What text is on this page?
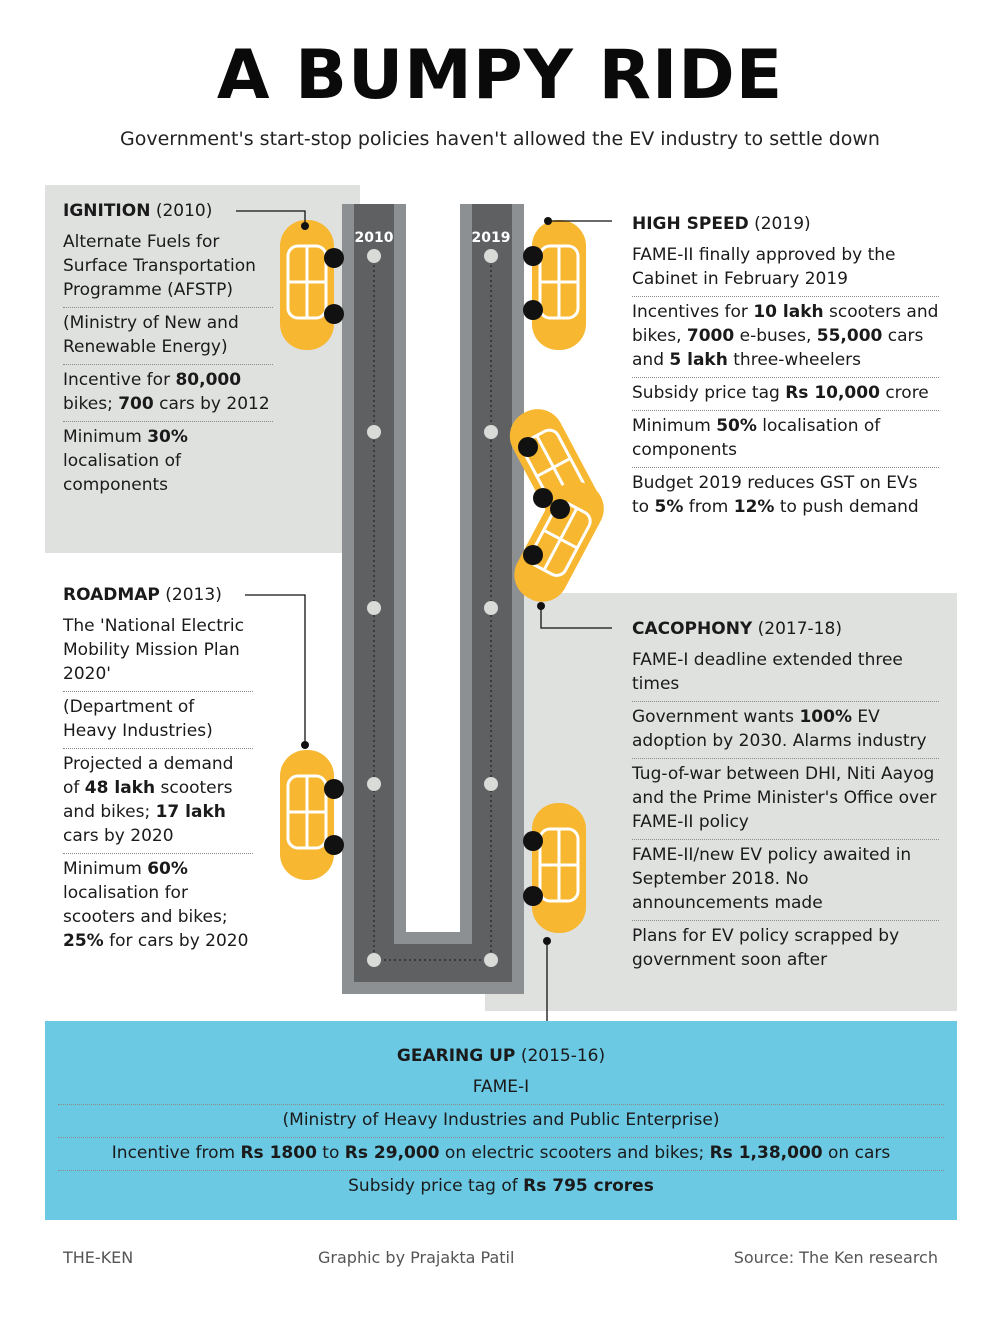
A BUMPY RIDE
Government's start-stop policies haven't allowed the EV industry to settle down
2010	2019
IGNITION (2010)
Alternate Fuels for Surface Transportation Programme (AFSTP)
(Ministry of New and Renewable Energy)
Incentive for 80,000 bikes; 700 cars by 2012
Minimum 30% localisation of components
ROADMAP (2013)
The 'National Electric Mobility Mission Plan 2020'
(Department of Heavy Industries)
Projected a demand of 48 lakh scooters and bikes; 17 lakh cars by 2020
Minimum 60% localisation for scooters and bikes; 25% for cars by 2020
HIGH SPEED (2019)
FAME-II finally approved by the Cabinet in February 2019
Incentives for 10 lakh scooters and bikes, 7000 e-buses, 55,000 cars and 5 lakh three-wheelers
Subsidy price tag Rs 10,000 crore
Minimum 50% localisation of components
Budget 2019 reduces GST on EVs to 5% from 12% to push demand
CACOPHONY (2017-18)
FAME-I deadline extended three times
Government wants 100% EV adoption by 2030. Alarms industry
Tug-of-war between DHI, Niti Aayog and the Prime Minister's Office over FAME-II policy
FAME-II/new EV policy awaited in September 2018. No announcements made
Plans for EV policy scrapped by government soon after
GEARING UP (2015-16)
FAME-I
(Ministry of Heavy Industries and Public Enterprise)
Incentive from Rs 1800 to Rs 29,000 on electric scooters and bikes; Rs 1,38,000 on cars
Subsidy price tag of Rs 795 crores
THE-KEN	Graphic by Prajakta Patil	Source: The Ken research
